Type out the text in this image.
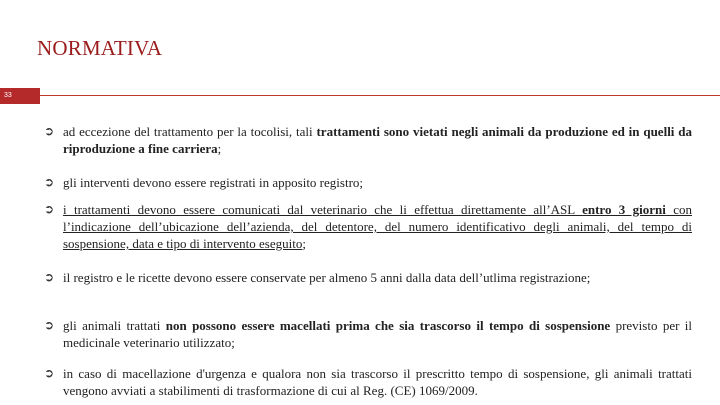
NORMATIVA
33
➲ ad eccezione del trattamento per la tocolisi, tali trattamenti sono vietati negli animali da produzione ed in quelli da riproduzione a fine carriera;
➲ gli interventi devono essere registrati in apposito registro;
➲ i trattamenti devono essere comunicati dal veterinario che li effettua direttamente all’ASL entro 3 giorni con l’indicazione dell’ubicazione dell’azienda, del detentore, del numero identificativo degli animali, del tempo di sospensione, data e tipo di intervento eseguito;
➲ il registro e le ricette devono essere conservate per almeno 5 anni dalla data dell’utlima registrazione;
➲ gli animali trattati non possono essere macellati prima che sia trascorso il tempo di sospensione previsto per il medicinale veterinario utilizzato;
➲ in caso di macellazione d'urgenza e qualora non sia trascorso il prescritto tempo di sospensione, gli animali trattati vengono avviati a stabilimenti di trasformazione di cui al Reg. (CE) 1069/2009.
